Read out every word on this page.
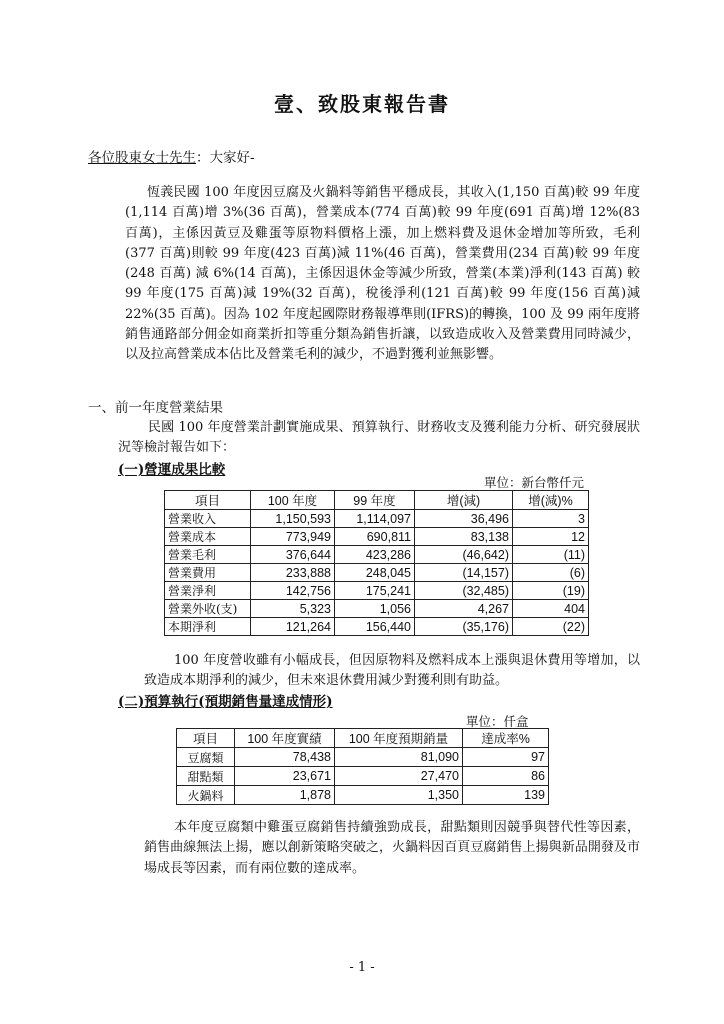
壹、致股東報告書
各位股東女士先生：大家好-
恆義民國 100 年度因豆腐及火鍋料等銷售平穩成長，其收入(1,150 百萬)較 99 年度(1,114 百萬)增 3%(36 百萬)，營業成本(774 百萬)較 99 年度(691 百萬)增 12%(83 百萬)，主係因黃豆及雞蛋等原物料價格上漲，加上燃料費及退休金增加等所致，毛利(377 百萬)則較 99 年度(423 百萬)減 11%(46 百萬)，營業費用(234 百萬)較 99 年度(248 百萬) 減 6%(14 百萬)，主係因退休金等減少所致，營業(本業)淨利(143 百萬) 較 99 年度(175 百萬)減 19%(32 百萬)，稅後淨利(121 百萬)較 99 年度(156 百萬)減 22%(35 百萬)。因為 102 年度起國際財務報導準則(IFRS)的轉換，100 及 99 兩年度將銷售通路部分佣金如商業折扣等重分類為銷售折讓，以致造成收入及營業費用同時減少，以及拉高營業成本佔比及營業毛利的減少，不過對獲利並無影響。
一、前一年度營業結果
民國 100 年度營業計劃實施成果、預算執行、財務收支及獲利能力分析、研究發展狀況等檢討報告如下：
(一)營運成果比較
單位：新台幣仟元
項目	100 年度	99 年度	增(減)	增(減)%
營業收入	1,150,593	1,114,097	36,496	3
營業成本	773,949	690,811	83,138	12
營業毛利	376,644	423,286	(46,642)	(11)
營業費用	233,888	248,045	(14,157)	(6)
營業淨利	142,756	175,241	(32,485)	(19)
營業外收(支)	5,323	1,056	4,267	404
本期淨利	121,264	156,440	(35,176)	(22)
100 年度營收雖有小幅成長，但因原物料及燃料成本上漲與退休費用等增加，以致造成本期淨利的減少，但未來退休費用減少對獲利則有助益。
(二)預算執行(預期銷售量達成情形)
單位：仟盒
項目	100 年度實績	100 年度預期銷量	達成率%
豆腐類	78,438	81,090	97
甜點類	23,671	27,470	86
火鍋料	1,878	1,350	139
本年度豆腐類中雞蛋豆腐銷售持續強勁成長，甜點類則因競爭與替代性等因素，銷售曲線無法上揚，應以創新策略突破之，火鍋料因百頁豆腐銷售上揚與新品開發及市場成長等因素，而有兩位數的達成率。
- 1 -
